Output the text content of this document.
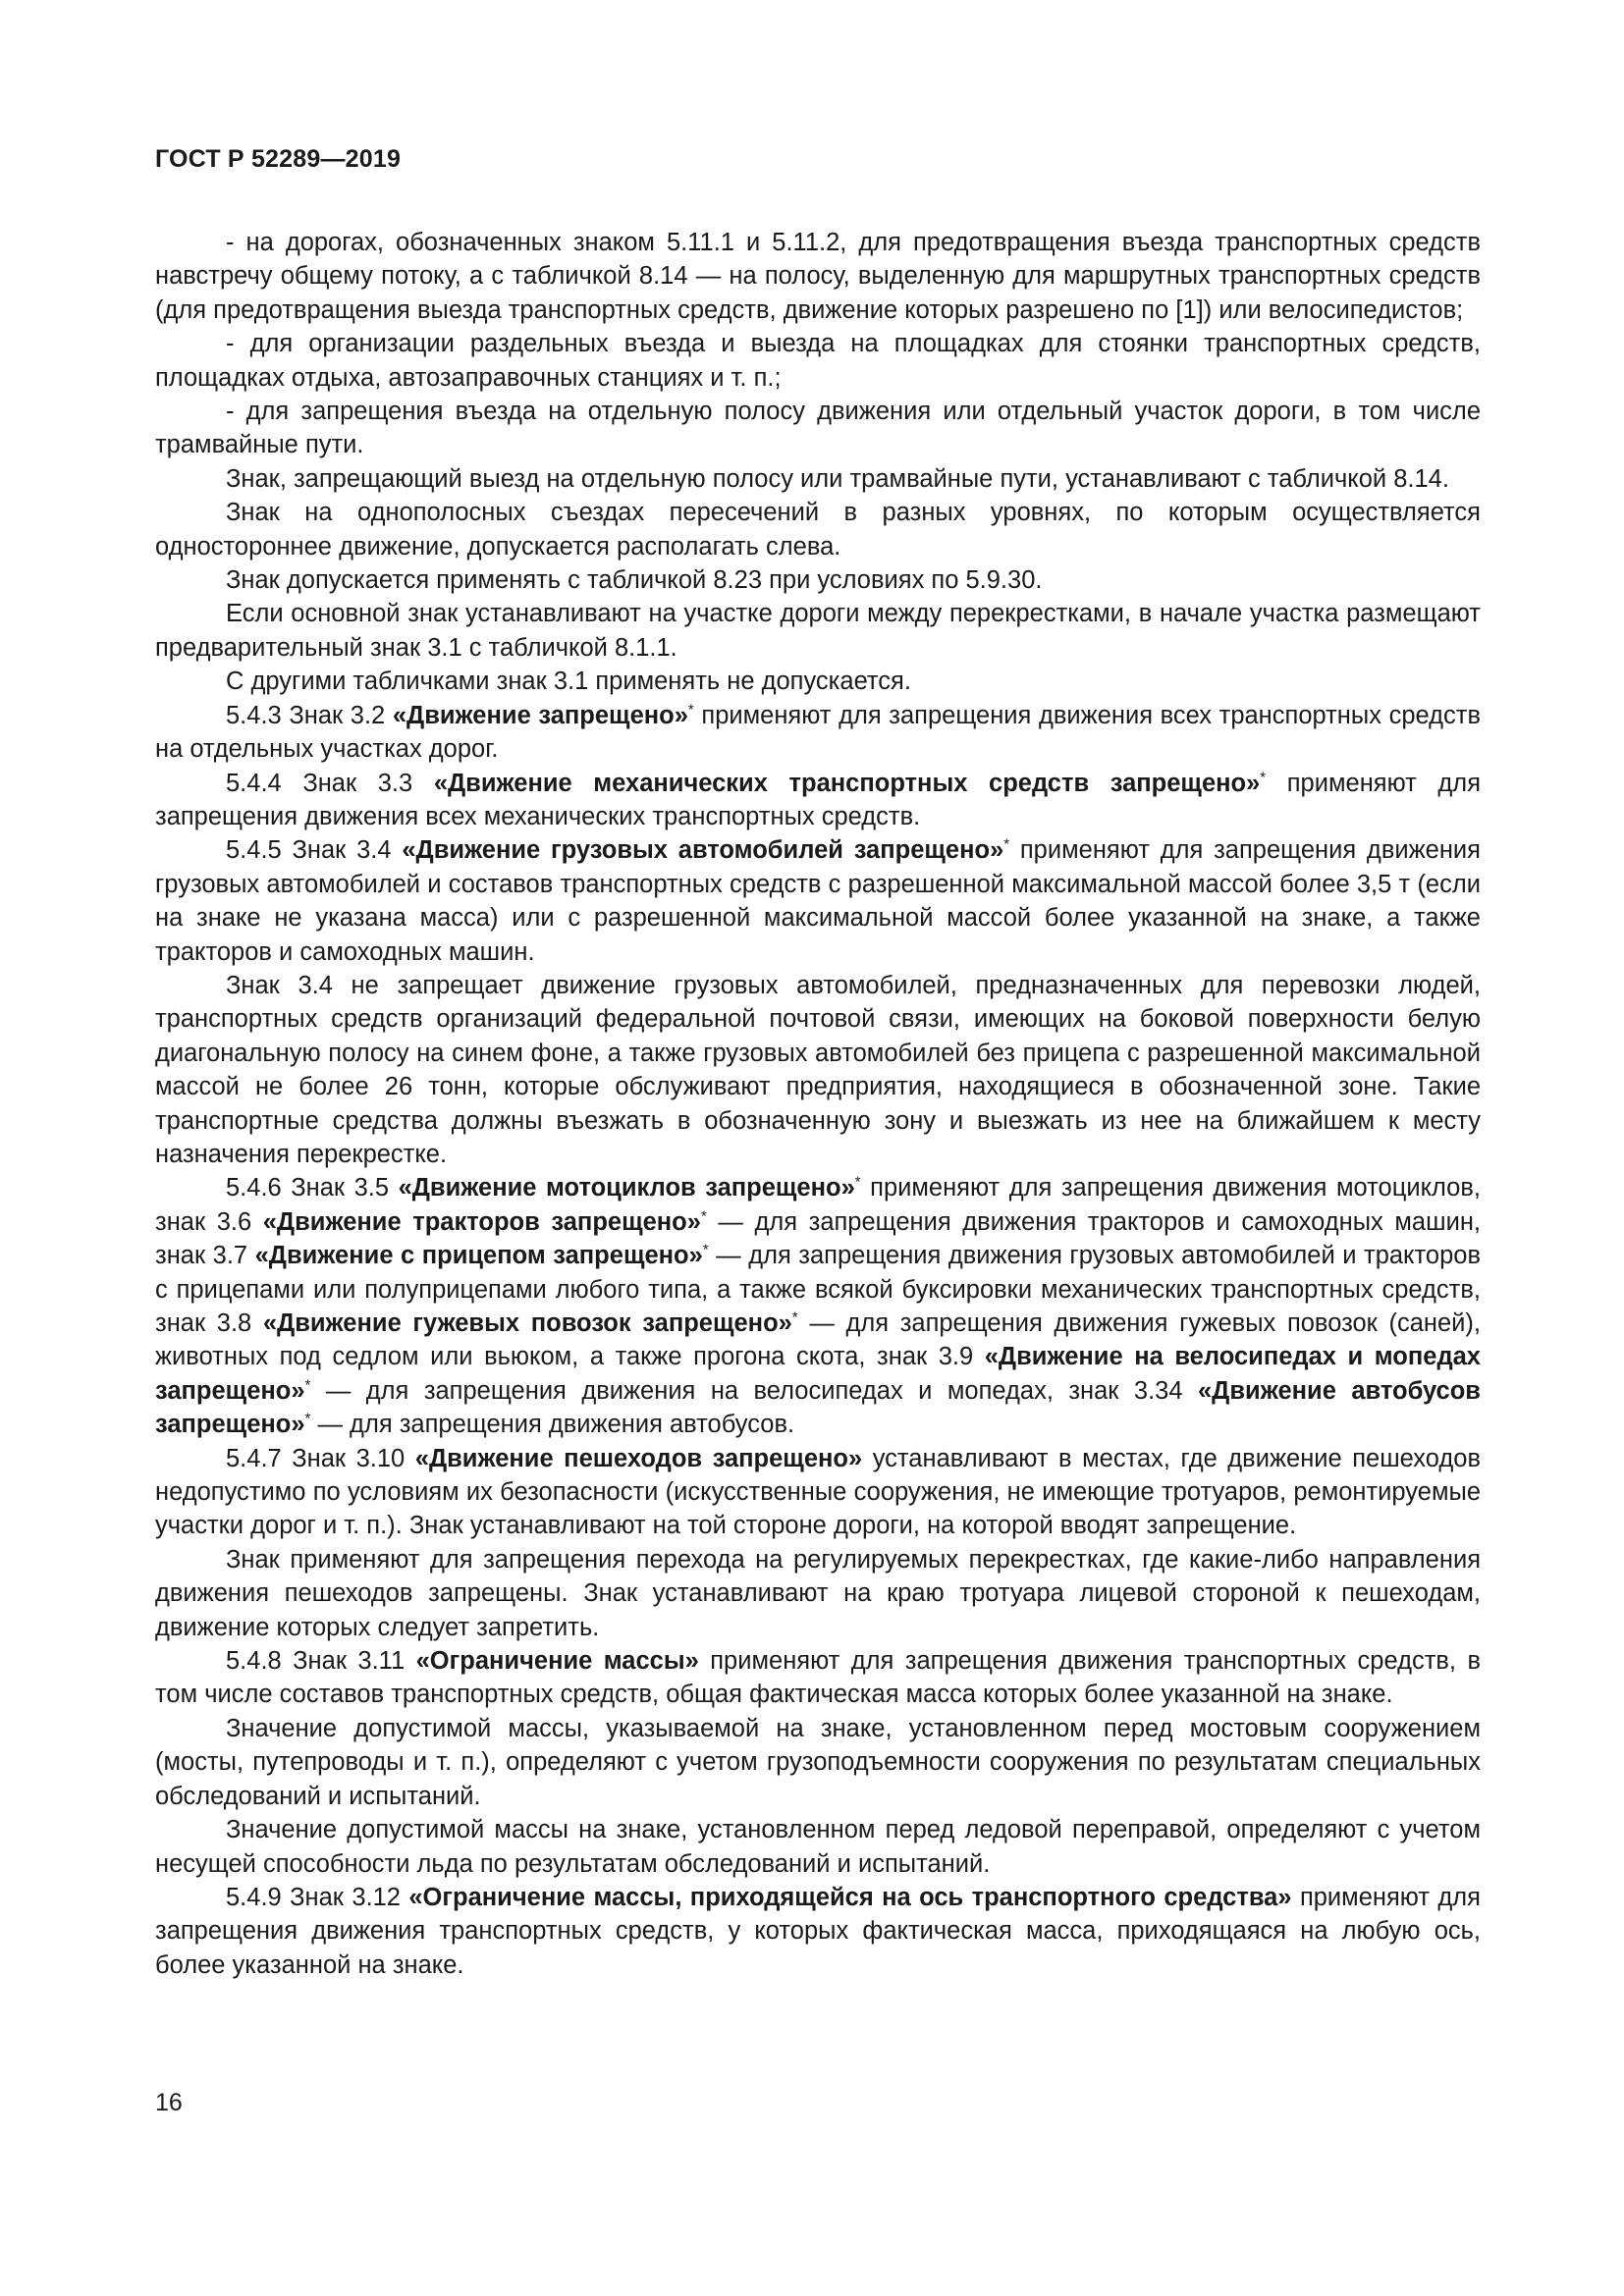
ГОСТ Р 52289—2019

- на дорогах, обозначенных знаком 5.11.1 и 5.11.2, для предотвращения въезда транспортных средств навстречу общему потоку, а с табличкой 8.14 — на полосу, выделенную для маршрутных транспортных средств (для предотвращения выезда транспортных средств, движение которых разрешено по [1]) или велосипедистов;

- для организации раздельных въезда и выезда на площадках для стоянки транспортных средств, площадках отдыха, автозаправочных станциях и т. п.;

- для запрещения въезда на отдельную полосу движения или отдельный участок дороги, в том числе трамвайные пути.

Знак, запрещающий выезд на отдельную полосу или трамвайные пути, устанавливают с табличкой 8.14.

Знак на однополосных съездах пересечений в разных уровнях, по которым осуществляется одностороннее движение, допускается располагать слева.

Знак допускается применять с табличкой 8.23 при условиях по 5.9.30.

Если основной знак устанавливают на участке дороги между перекрестками, в начале участка размещают предварительный знак 3.1 с табличкой 8.1.1.

С другими табличками знак 3.1 применять не допускается.

5.4.3 Знак 3.2 «Движение запрещено»* применяют для запрещения движения всех транспортных средств на отдельных участках дорог.

5.4.4 Знак 3.3 «Движение механических транспортных средств запрещено»* применяют для запрещения движения всех механических транспортных средств.

5.4.5 Знак 3.4 «Движение грузовых автомобилей запрещено»* применяют для запрещения движения грузовых автомобилей и составов транспортных средств с разрешенной максимальной массой более 3,5 т (если на знаке не указана масса) или с разрешенной максимальной массой более указанной на знаке, а также тракторов и самоходных машин.

Знак 3.4 не запрещает движение грузовых автомобилей, предназначенных для перевозки людей, транспортных средств организаций федеральной почтовой связи, имеющих на боковой поверхности белую диагональную полосу на синем фоне, а также грузовых автомобилей без прицепа с разрешенной максимальной массой не более 26 тонн, которые обслуживают предприятия, находящиеся в обозначенной зоне. Такие транспортные средства должны въезжать в обозначенную зону и выезжать из нее на ближайшем к месту назначения перекрестке.

5.4.6 Знак 3.5 «Движение мотоциклов запрещено»* применяют для запрещения движения мотоциклов, знак 3.6 «Движение тракторов запрещено»* — для запрещения движения тракторов и самоходных машин, знак 3.7 «Движение с прицепом запрещено»* — для запрещения движения грузовых автомобилей и тракторов с прицепами или полуприцепами любого типа, а также всякой буксировки механических транспортных средств, знак 3.8 «Движение гужевых повозок запрещено»* — для запрещения движения гужевых повозок (саней), животных под седлом или вьюком, а также прогона скота, знак 3.9 «Движение на велосипедах и мопедах запрещено»* — для запрещения движения на велосипедах и мопедах, знак 3.34 «Движение автобусов запрещено»* — для запрещения движения автобусов.

5.4.7 Знак 3.10 «Движение пешеходов запрещено» устанавливают в местах, где движение пешеходов недопустимо по условиям их безопасности (искусственные сооружения, не имеющие тротуаров, ремонтируемые участки дорог и т. п.). Знак устанавливают на той стороне дороги, на которой вводят запрещение.

Знак применяют для запрещения перехода на регулируемых перекрестках, где какие-либо направления движения пешеходов запрещены. Знак устанавливают на краю тротуара лицевой стороной к пешеходам, движение которых следует запретить.

5.4.8 Знак 3.11 «Ограничение массы» применяют для запрещения движения транспортных средств, в том числе составов транспортных средств, общая фактическая масса которых более указанной на знаке.

Значение допустимой массы, указываемой на знаке, установленном перед мостовым сооружением (мосты, путепроводы и т. п.), определяют с учетом грузоподъемности сооружения по результатам специальных обследований и испытаний.

Значение допустимой массы на знаке, установленном перед ледовой переправой, определяют с учетом несущей способности льда по результатам обследований и испытаний.

5.4.9 Знак 3.12 «Ограничение массы, приходящейся на ось транспортного средства» применяют для запрещения движения транспортных средств, у которых фактическая масса, приходящаяся на любую ось, более указанной на знаке.

16
